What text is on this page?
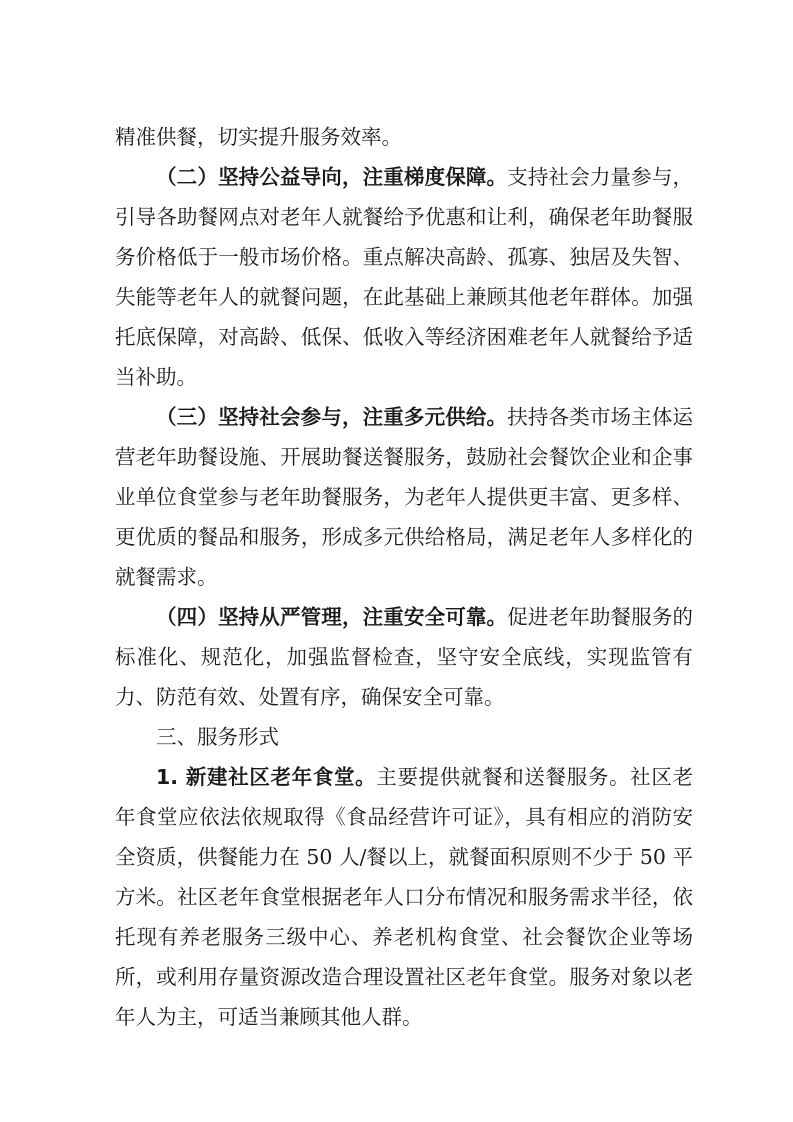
精准供餐，切实提升服务效率。

（二）坚持公益导向，注重梯度保障。支持社会力量参与，引导各助餐网点对老年人就餐给予优惠和让利，确保老年助餐服务价格低于一般市场价格。重点解决高龄、孤寡、独居及失智、失能等老年人的就餐问题，在此基础上兼顾其他老年群体。加强托底保障，对高龄、低保、低收入等经济困难老年人就餐给予适当补助。

（三）坚持社会参与，注重多元供给。扶持各类市场主体运营老年助餐设施、开展助餐送餐服务，鼓励社会餐饮企业和企事业单位食堂参与老年助餐服务，为老年人提供更丰富、更多样、更优质的餐品和服务，形成多元供给格局，满足老年人多样化的就餐需求。

（四）坚持从严管理，注重安全可靠。促进老年助餐服务的标准化、规范化，加强监督检查，坚守安全底线，实现监管有力、防范有效、处置有序，确保安全可靠。

三、服务形式

1. 新建社区老年食堂。主要提供就餐和送餐服务。社区老年食堂应依法依规取得《食品经营许可证》，具有相应的消防安全资质，供餐能力在 50 人/餐以上，就餐面积原则不少于 50 平方米。社区老年食堂根据老年人口分布情况和服务需求半径，依托现有养老服务三级中心、养老机构食堂、社会餐饮企业等场所，或利用存量资源改造合理设置社区老年食堂。服务对象以老年人为主，可适当兼顾其他人群。
